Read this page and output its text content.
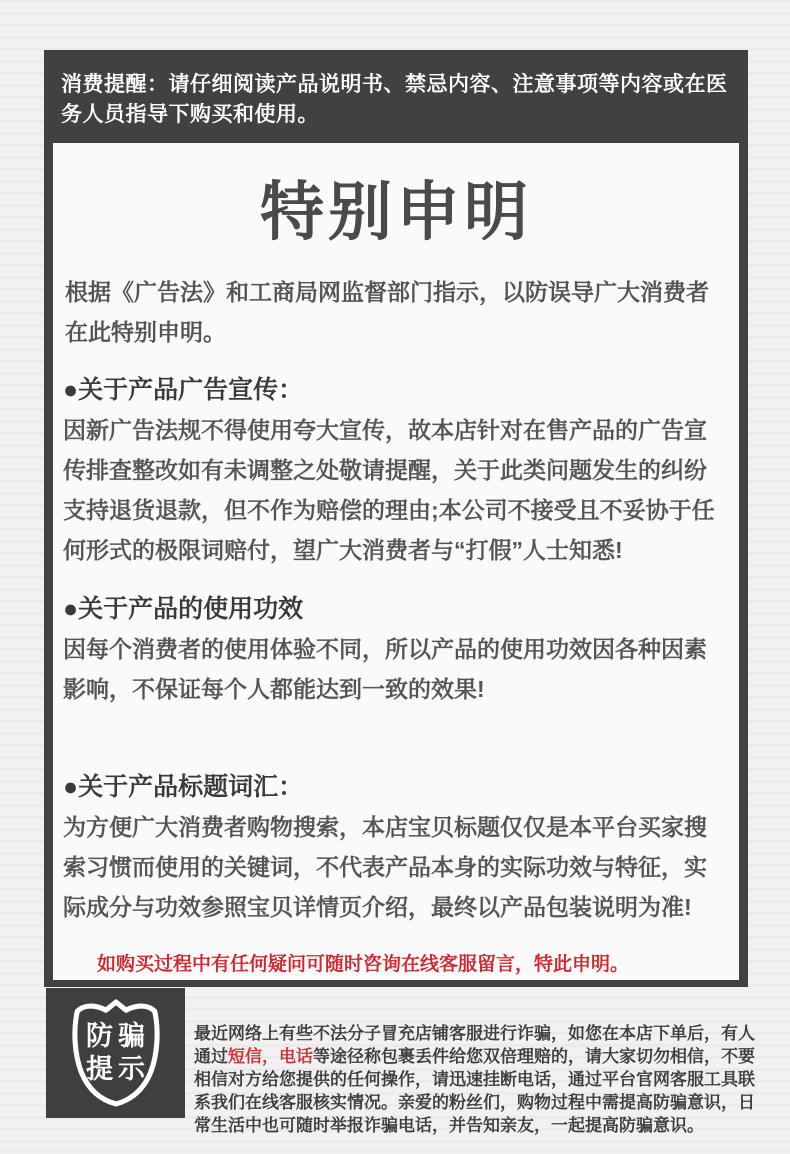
消费提醒：请仔细阅读产品说明书、禁忌内容、注意事项等内容或在医务人员指导下购买和使用。
特别申明

根据《广告法》和工商局网监督部门指示，以防误导广大消费者在此特别申明。

●关于产品广告宣传：

因新广告法规不得使用夸大宣传，故本店针对在售产品的广告宣传排查整改如有未调整之处敬请提醒，关于此类问题发生的纠纷支持退货退款，但不作为赔偿的理由;本公司不接受且不妥协于任何形式的极限词赔付，望广大消费者与“打假”人士知悉!

●关于产品的使用功效

因每个消费者的使用体验不同，所以产品的使用功效因各种因素影响，不保证每个人都能达到一致的效果!

●关于产品标题词汇：

为方便广大消费者购物搜索，本店宝贝标题仅仅是本平台买家搜索习惯而使用的关键词，不代表产品本身的实际功效与特征，实际成分与功效参照宝贝详情页介绍，最终以产品包装说明为准!

如购买过程中有任何疑问可随时咨询在线客服留言，特此申明。
防骗
提示

最近网络上有些不法分子冒充店铺客服进行诈骗，如您在本店下单后，有人通过短信，电话等途径称包裹丢件给您双倍理赔的，请大家切勿相信，不要相信对方给您提供的任何操作，请迅速挂断电话，通过平台官网客服工具联系我们在线客服核实情况。亲爱的粉丝们，购物过程中需提高防骗意识，日常生活中也可随时举报诈骗电话，并告知亲友，一起提高防骗意识。
